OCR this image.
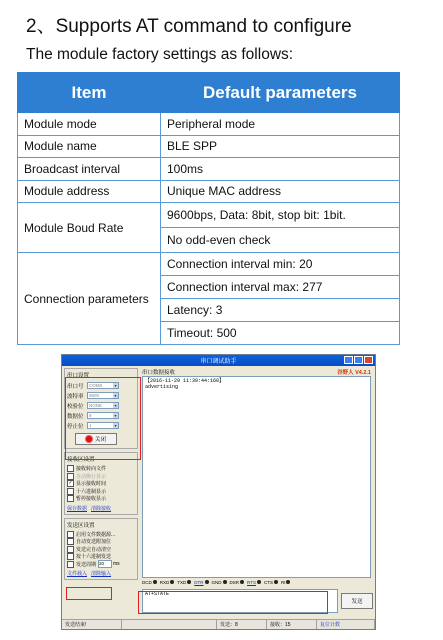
2、Supports AT command to configure
The module factory settings as follows:
Item	Default parameters
Module mode	Peripheral mode
Module name	BLE SPP
Broadcast interval	100ms
Module address	Unique MAC address
Module Boud Rate	9600bps, Data: 8bit, stop bit: 1bit.
	No odd-even check
Connection parameters	Connection interval min: 20
	Connection interval max: 277
	Latency: 3
	Timeout: 500
串口调试助手
串口设置
串口号	COM8	▾
波特率	9600	▾
校验位	NONE	▾
数据位	8	▾
停止位	1	▾
关闭
接收区设置
接收转向文件
自动换行显示
✓ 显示接收时间
十六进制显示
暂停接收显示
保存数据 清除接收
发送区设置
启用文件数据源...
自动发送附加位
发送完自动清空
按十六进制发送
发送周期 20	ms
文件载入 清除输入
串口数据接收	谷野人 V4.2.1
【2016-11-29 11:39:44:160】
advertising
DCD	RXD	TXD	DTR	GND	DSR	RTS	CTS	RI
AT+STATE
发送
发送结束!	发送：8	接收：15	复位计数
